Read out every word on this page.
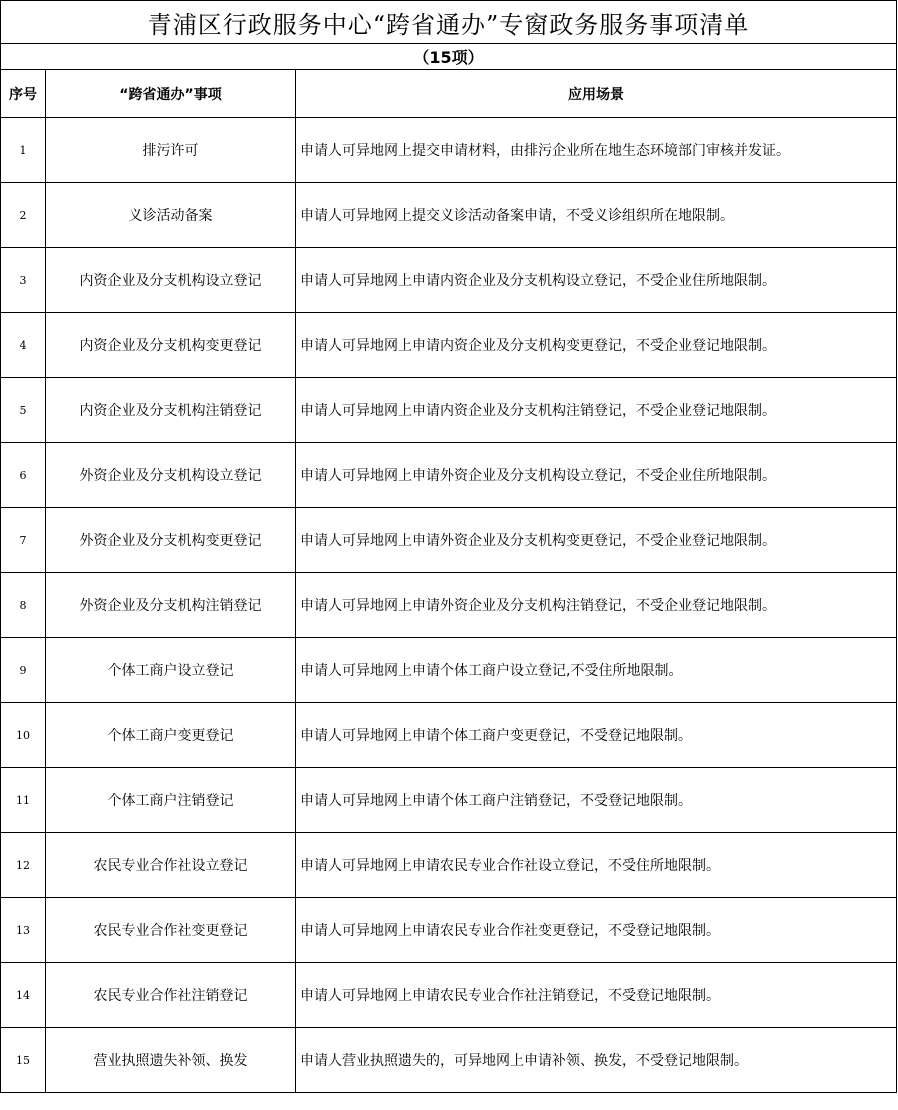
青浦区行政服务中心“跨省通办”专窗政务服务事项清单		
（15项）		
序号	“跨省通办”事项	应用场景
1	排污许可	申请人可异地网上提交申请材料，由排污企业所在地生态环境部门审核并发证。
2	义诊活动备案	申请人可异地网上提交义诊活动备案申请，不受义诊组织所在地限制。
3	内资企业及分支机构设立登记	申请人可异地网上申请内资企业及分支机构设立登记，不受企业住所地限制。
4	内资企业及分支机构变更登记	申请人可异地网上申请内资企业及分支机构变更登记，不受企业登记地限制。
5	内资企业及分支机构注销登记	申请人可异地网上申请内资企业及分支机构注销登记，不受企业登记地限制。
6	外资企业及分支机构设立登记	申请人可异地网上申请外资企业及分支机构设立登记，不受企业住所地限制。
7	外资企业及分支机构变更登记	申请人可异地网上申请外资企业及分支机构变更登记，不受企业登记地限制。
8	外资企业及分支机构注销登记	申请人可异地网上申请外资企业及分支机构注销登记，不受企业登记地限制。
9	个体工商户设立登记	申请人可异地网上申请个体工商户设立登记,不受住所地限制。
10	个体工商户变更登记	申请人可异地网上申请个体工商户变更登记，不受登记地限制。
11	个体工商户注销登记	申请人可异地网上申请个体工商户注销登记，不受登记地限制。
12	农民专业合作社设立登记	申请人可异地网上申请农民专业合作社设立登记，不受住所地限制。
13	农民专业合作社变更登记	申请人可异地网上申请农民专业合作社变更登记，不受登记地限制。
14	农民专业合作社注销登记	申请人可异地网上申请农民专业合作社注销登记，不受登记地限制。
15	营业执照遗失补领、换发	申请人营业执照遗失的，可异地网上申请补领、换发，不受登记地限制。
